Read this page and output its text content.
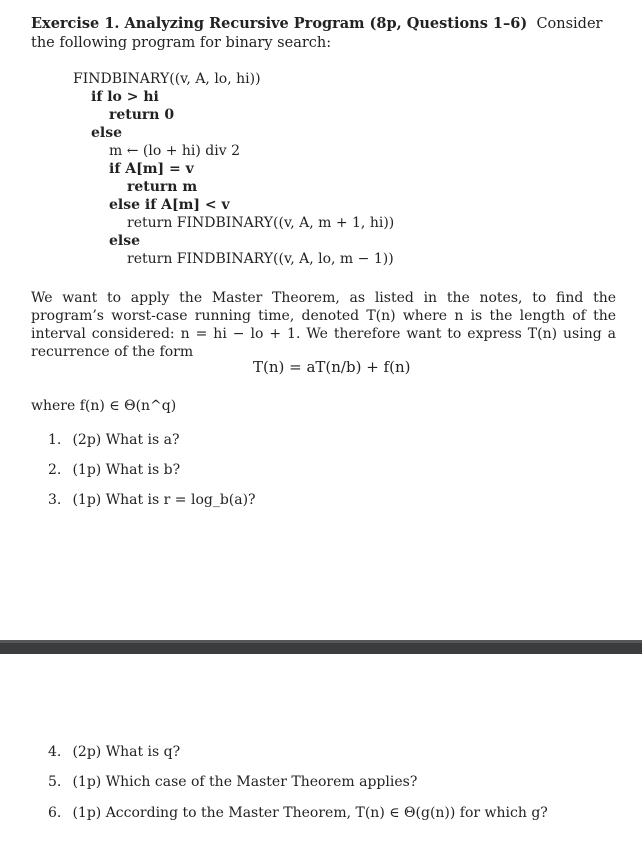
Exercise 1. Analyzing Recursive Program (8p, Questions 1–6) Consider the following program for binary search:
FINDBINARY((v, A, lo, hi))
if lo > hi
return 0
else
m ← (lo + hi) div 2
if A[m] = v
return m
else if A[m] < v
return FINDBINARY((v, A, m + 1, hi))
else
return FINDBINARY((v, A, lo, m − 1))
We want to apply the Master Theorem, as listed in the notes, to find the program’s worst-case running time, denoted T(n) where n is the length of the interval considered: n = hi − lo + 1. We therefore want to express T(n) using a recurrence of the form
T(n) = aT(n/b) + f(n)
where f(n) ∈ Θ(n^q)
1. (2p) What is a?
2. (1p) What is b?
3. (1p) What is r = log_b(a)?
4. (2p) What is q?
5. (1p) Which case of the Master Theorem applies?
6. (1p) According to the Master Theorem, T(n) ∈ Θ(g(n)) for which g?
